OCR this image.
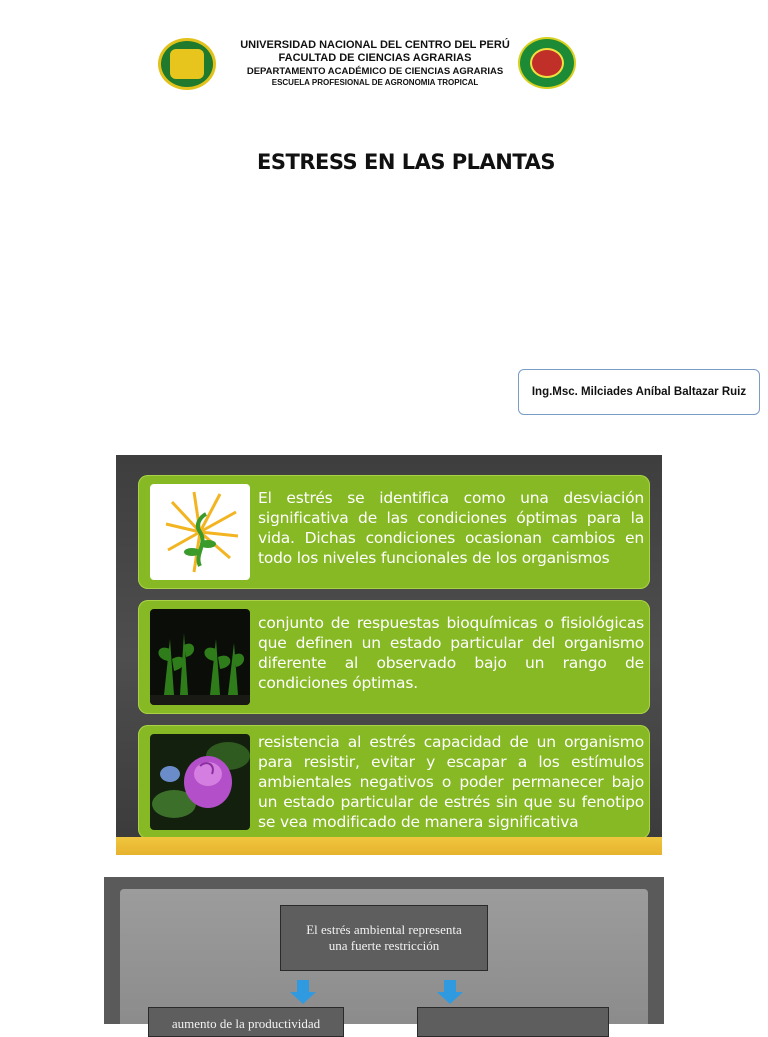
UNIVERSIDAD NACIONAL DEL CENTRO DEL PERÚ
FACULTAD DE CIENCIAS AGRARIAS
DEPARTAMENTO ACADÉMICO DE CIENCIAS AGRARIAS
ESCUELA PROFESIONAL DE AGRONOMIA TROPICAL
ESTRESS EN LAS PLANTAS
Ing.Msc. Milciades Aníbal Baltazar Ruiz
El estrés se identifica como una desviación significativa de las condiciones óptimas para la vida. Dichas condiciones ocasionan cambios en todo los niveles funcionales de los organismos
conjunto de respuestas bioquímicas o fisiológicas que definen un estado particular del organismo diferente al observado bajo un rango de condiciones óptimas.
resistencia al estrés capacidad de un organismo para resistir, evitar y escapar a los estímulos ambientales negativos o poder permanecer bajo un estado particular de estrés sin que su fenotipo se vea modificado de manera significativa
El estrés ambiental representa
una fuerte restricción
aumento de la productividad
